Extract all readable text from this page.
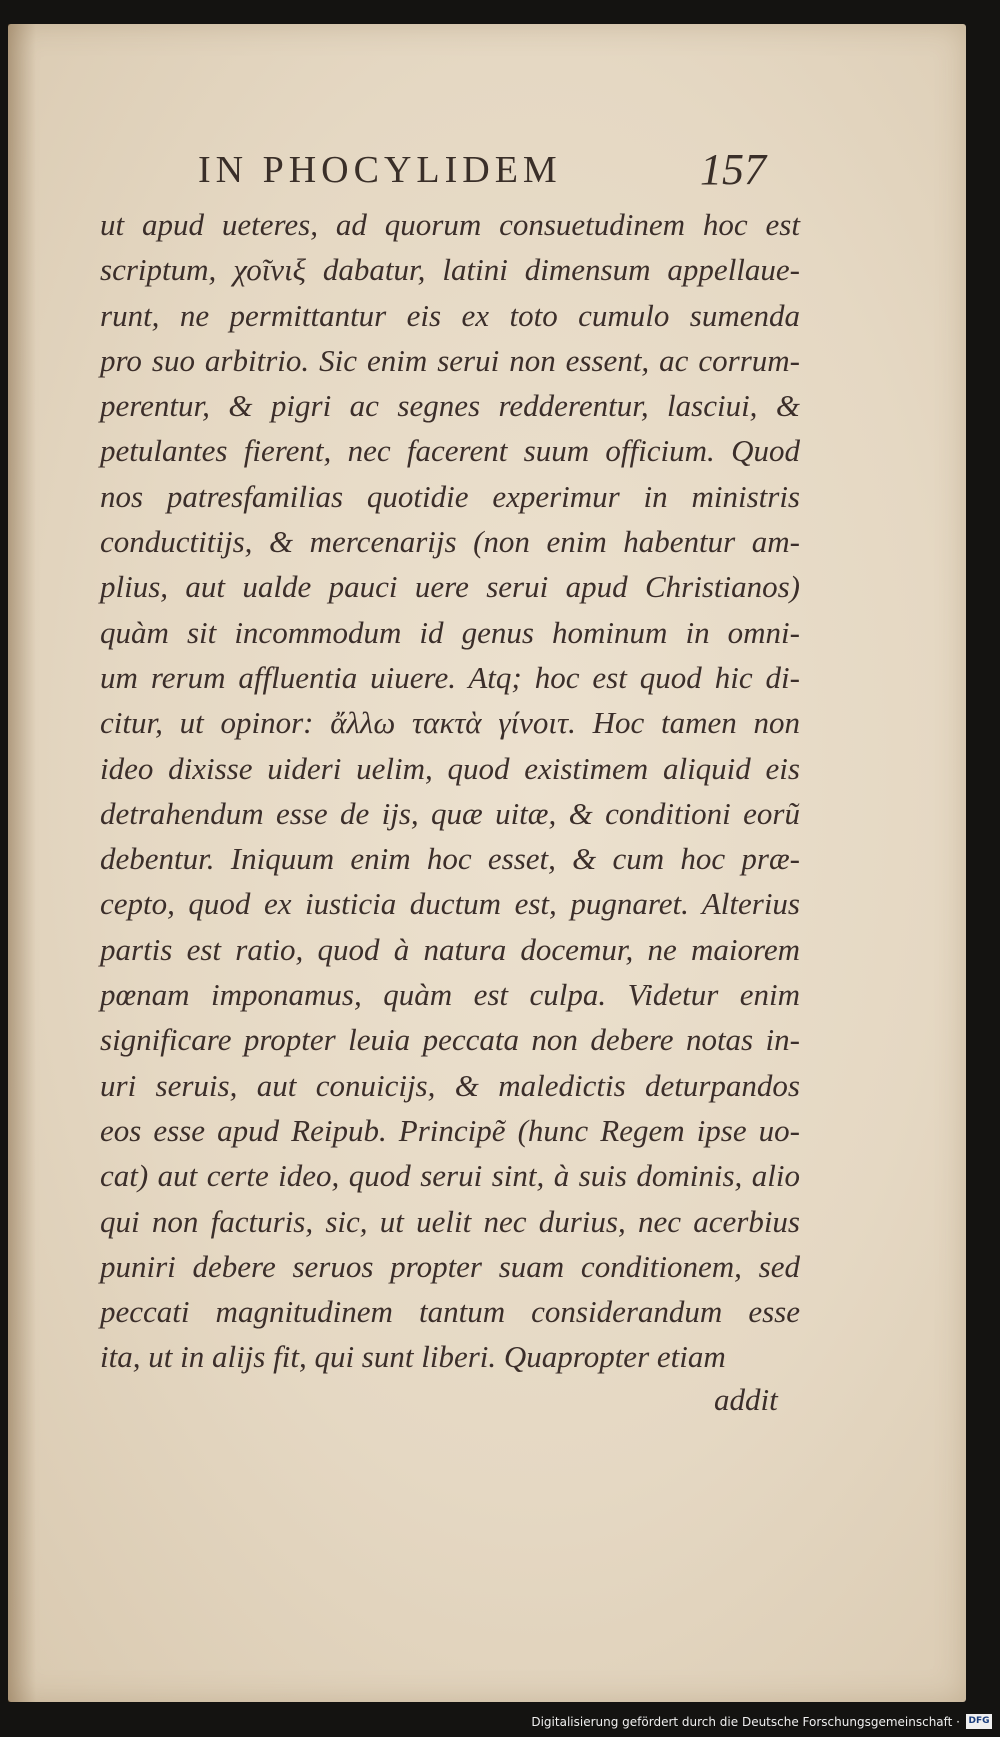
IN PHOCYLIDEM	157
ut apud ueteres, ad quorum consuetudinem hoc est
scriptum, χοῖνιξ dabatur, latini dimensum appellaue-
runt, ne permittantur eis ex toto cumulo sumenda
pro suo arbitrio. Sic enim serui non essent, ac corrum-
perentur, & pigri ac segnes redderentur, lasciui, &
petulantes fierent, nec facerent suum officium. Quod
nos patresfamilias quotidie experimur in ministris
conductitijs, & mercenarijs (non enim habentur am-
plius, aut ualde pauci uere serui apud Christianos)
quàm sit incommodum id genus hominum in omni-
um rerum affluentia uiuere. Atq; hoc est quod hic di-
citur, ut opinor: ἄλλω τακτὰ γίνοιτ. Hoc tamen non
ideo dixisse uideri uelim, quod existimem aliquid eis
detrahendum esse de ijs, quæ uitæ, & conditioni eorũ
debentur. Iniquum enim hoc esset, & cum hoc præ-
cepto, quod ex iusticia ductum est, pugnaret. Alterius
partis est ratio, quod à natura docemur, ne maiorem
pœnam imponamus, quàm est culpa. Videtur enim
significare propter leuia peccata non debere notas in-
uri seruis, aut conuicijs, & maledictis deturpandos
eos esse apud Reipub. Principẽ (hunc Regem ipse uo-
cat) aut certe ideo, quod serui sint, à suis dominis, alio
qui non facturis, sic, ut uelit nec durius, nec acerbius
puniri debere seruos propter suam conditionem, sed
peccati magnitudinem tantum considerandum esse
ita, ut in alijs fit, qui sunt liberi. Quapropter etiam
addit
Digitalisierung gefördert durch die Deutsche Forschungsgemeinschaft · DFG
